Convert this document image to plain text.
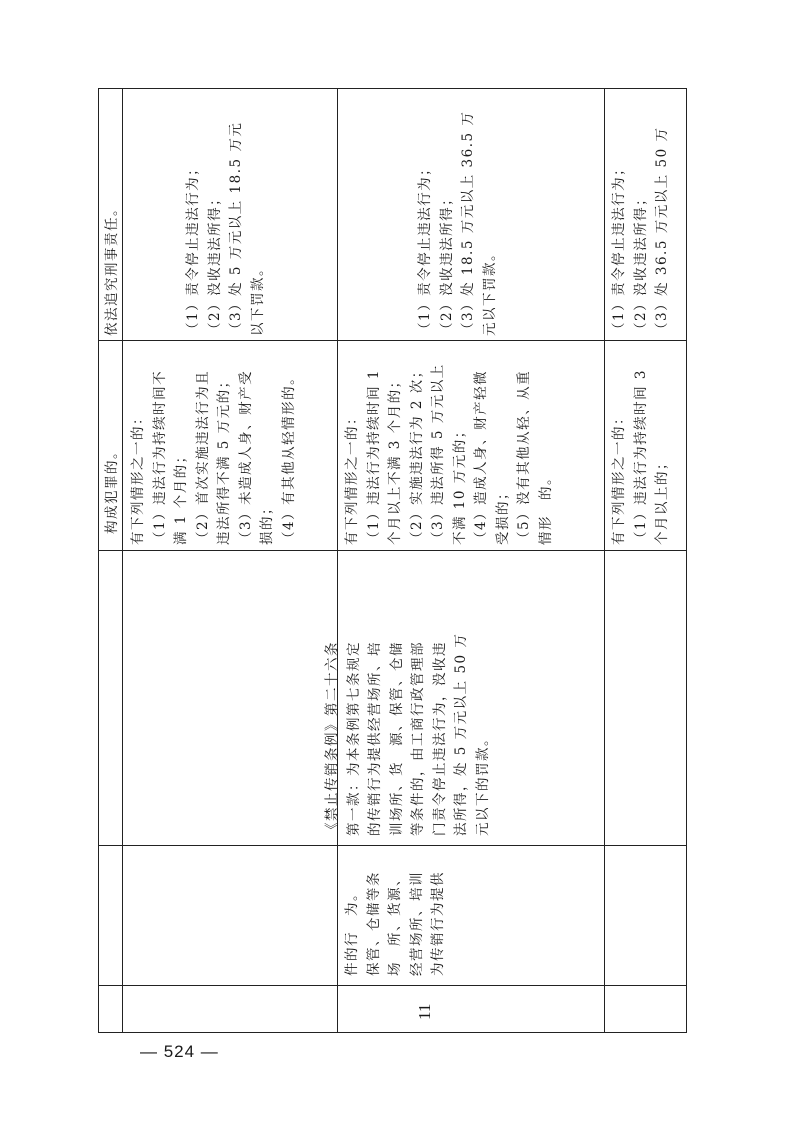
构成犯罪的。
依法追究刑事责任。
11
为传销行为提供
经营场所、培训
场　所、货源、
保管、仓储等条
件的行　为。
《禁止传销条例》第二十六条 第一款：为本条例第七条规定 的传销行为提供经营场所、培 训场所、货　源、保管、仓储 等条件的，由工商行政管理部 门责令停止违法行为，没收违 法所得，处 5 万元以上 50 万 元以下的罚款。
有下列情形之一的： （1）违法行为持续时间不 满 1 个月的； （2）首次实施违法行为且 违法所得不满 5 万元的； （3）未造成人身、财产受 损的； （4）有其他从轻情形的。
（1）责令停止违法行为； （2）没收违法所得； （3）处 5 万元以上 18.5 万元 以下罚款。
有下列情形之一的： （1）违法行为持续时间 1 个月以上不满 3 个月的； （2）实施违法行为 2 次； （3）违法所得 5 万元以上 不满 10 万元的； （4）造成人身、财产轻微 受损的； （5）没有其他从轻、从重 情形　的。
（1）责令停止违法行为； （2）没收违法所得； （3）处 18.5 万元以上 36.5 万 元以下罚款。
有下列情形之一的： （1）违法行为持续时间 3 个月以上的；
（1）责令停止违法行为； （2）没收违法所得； （3）处 36.5 万元以上 50 万
— 524 —
